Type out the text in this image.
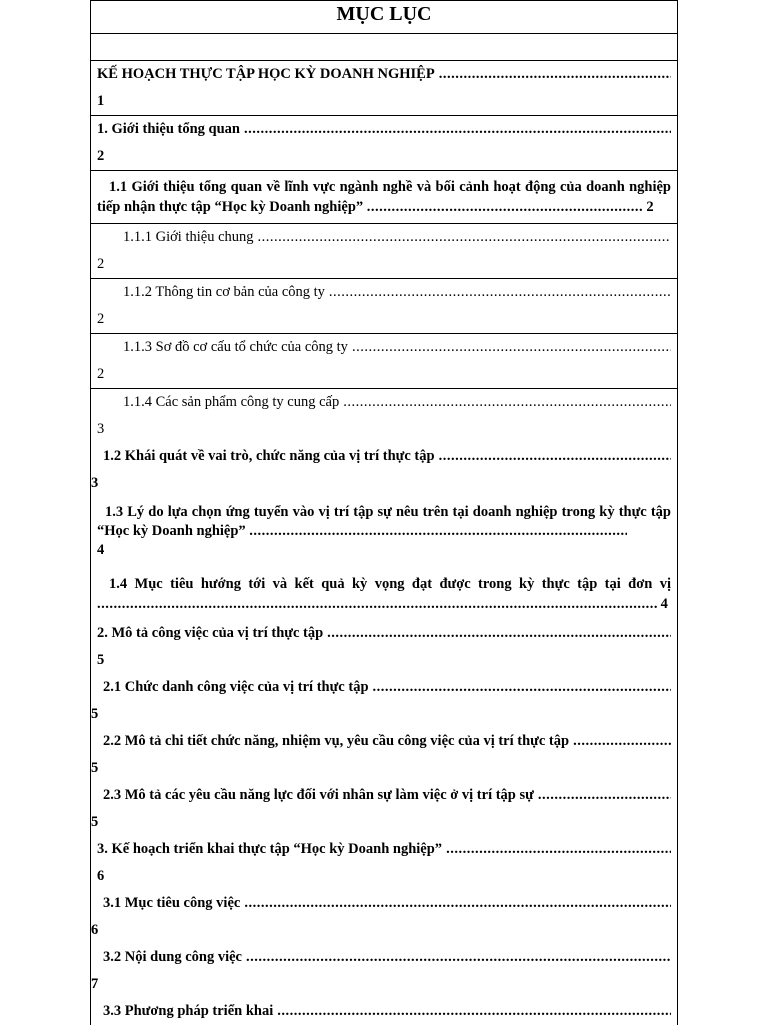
MỤC LỤC
KẾ HOẠCH THỰC TẬP HỌC KỲ DOANH NGHIỆP
.....
1
1. Giới thiệu tổng quan
.....
2
1.1 Giới thiệu tổng quan về lĩnh vực ngành nghề và bối cảnh hoạt động của doanh nghiệp tiếp nhận thực tập “Học kỳ Doanh nghiệp” .....	2
1.1.1 Giới thiệu chung
.....
2
1.1.2 Thông tin cơ bản của công ty
.....
2
1.1.3 Sơ đồ cơ cấu tổ chức của công ty
.....
2
1.1.4 Các sản phẩm công ty cung cấp
.....
3
1.2 Khái quát về vai trò, chức năng của vị trí thực tập
.....
3
1.3 Lý do lựa chọn ứng tuyển vào vị trí tập sự nêu trên tại doanh nghiệp trong kỳ thực tập “Học kỳ Doanh nghiệp” .....
4
1.4 Mục tiêu hướng tới và kết quả kỳ vọng đạt được trong kỳ thực tập tại đơn vị ..... 4
2. Mô tả công việc của vị trí thực tập
.....
5
2.1 Chức danh công việc của vị trí thực tập
.....
5
2.2 Mô tả chi tiết chức năng, nhiệm vụ, yêu cầu công việc của vị trí thực tập
.....
5
2.3 Mô tả các yêu cầu năng lực đối với nhân sự làm việc ở vị trí tập sự
.....
5
3. Kế hoạch triển khai thực tập “Học kỳ Doanh nghiệp”
.....
6
3.1 Mục tiêu công việc
.....
6
3.2 Nội dung công việc
.....
7
3.3 Phương pháp triển khai
.....
